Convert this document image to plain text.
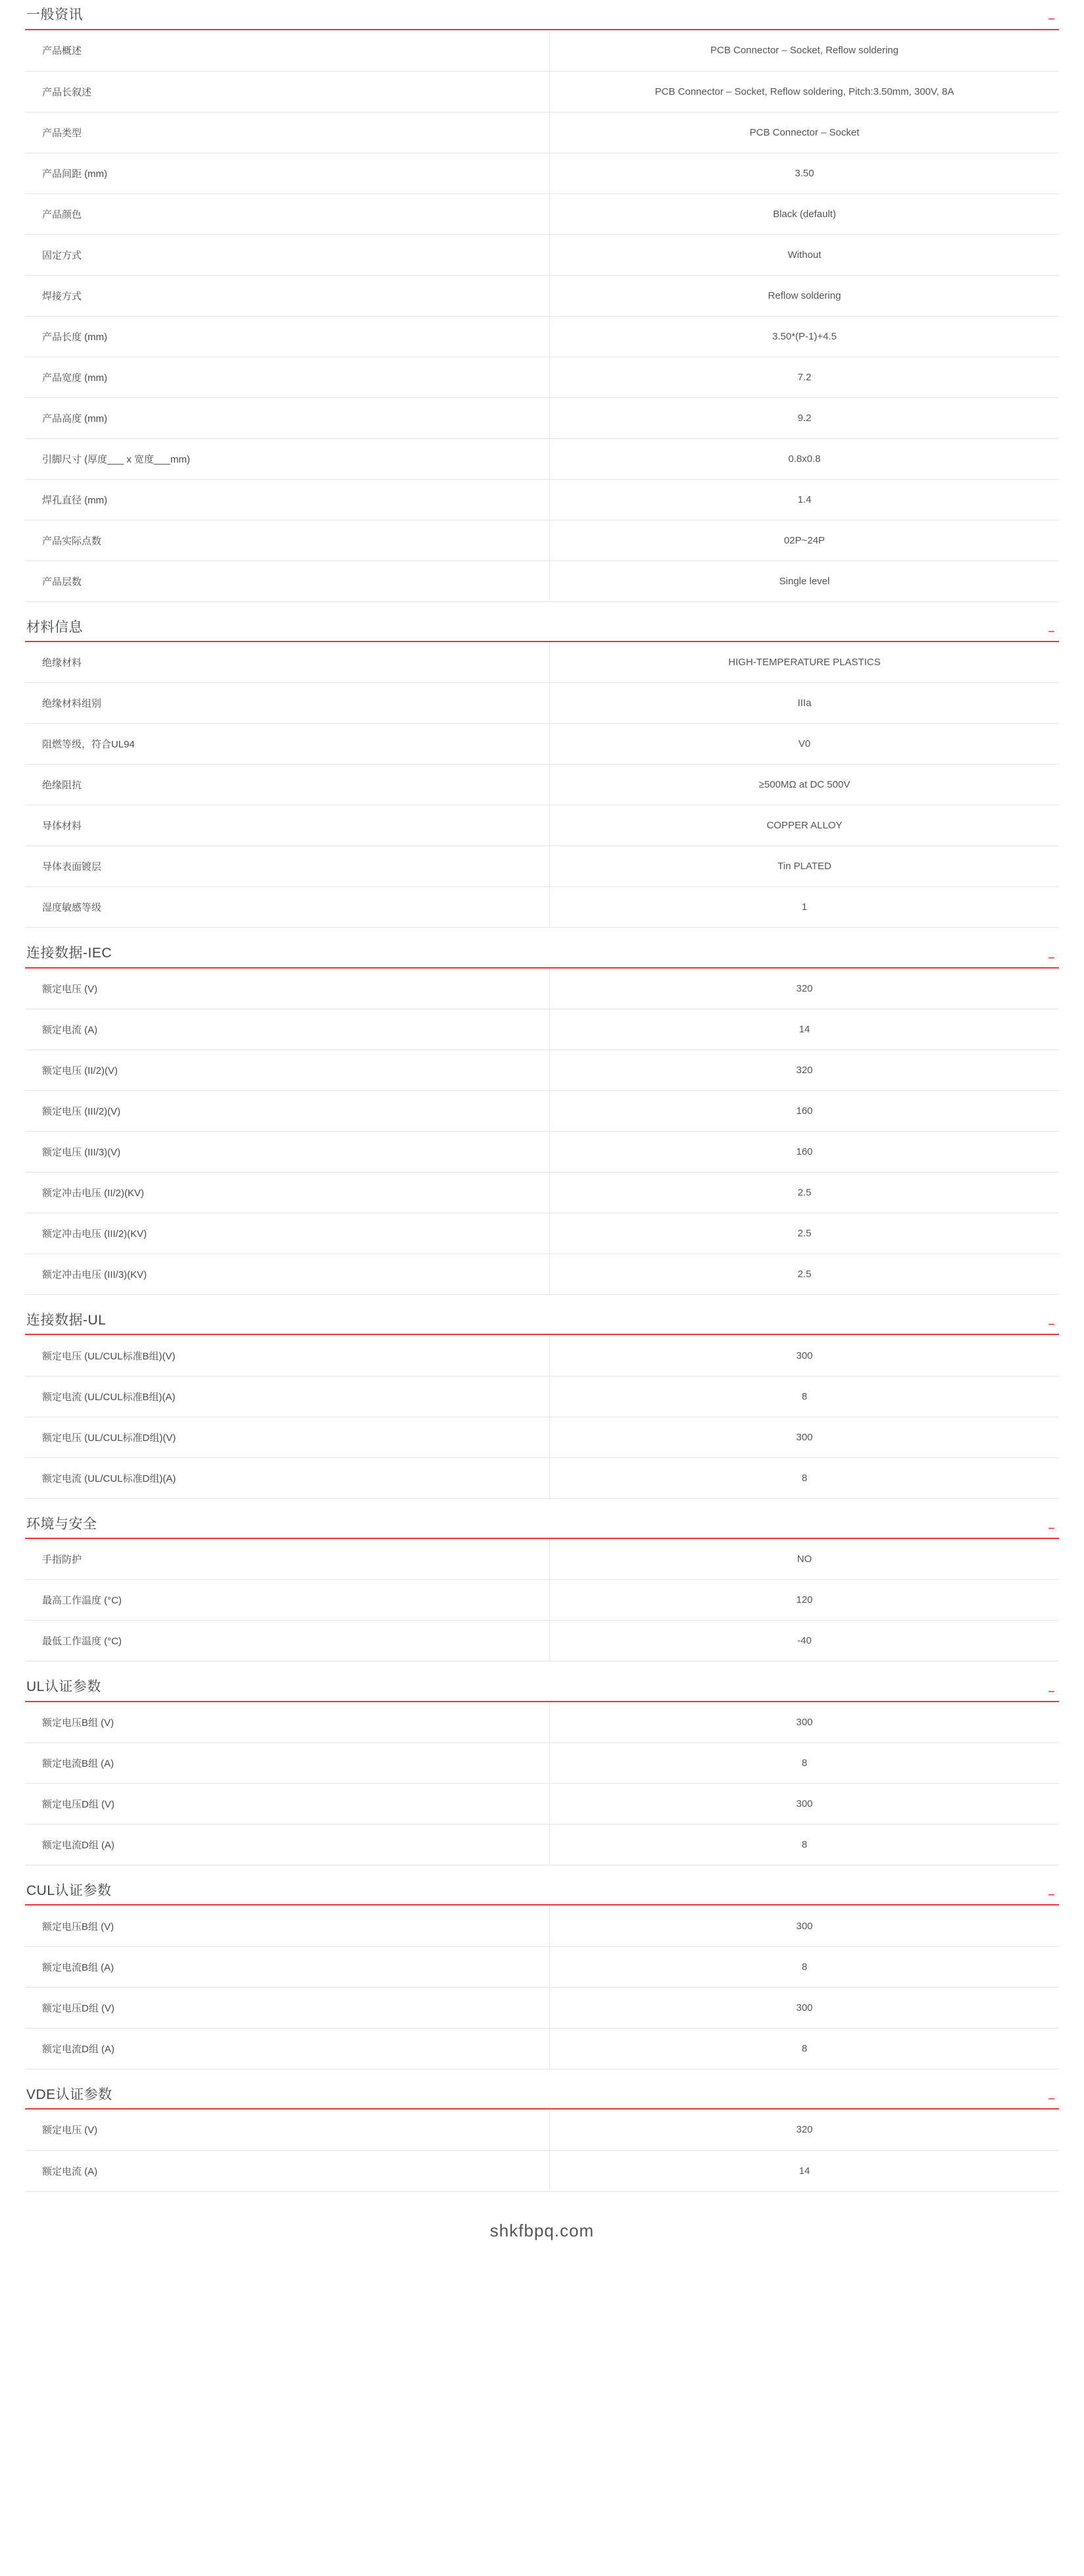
一般资讯	–
产品概述	PCB Connector – Socket, Reflow soldering
产品长叙述	PCB Connector – Socket, Reflow soldering, Pitch:3.50mm, 300V, 8A
产品类型	PCB Connector – Socket
产品间距 (mm)	3.50
产品颜色	Black (default)
固定方式	Without
焊接方式	Reflow soldering
产品长度 (mm)	3.50*(P-1)+4.5
产品宽度 (mm)	7.2
产品高度 (mm)	9.2
引脚尺寸 (厚度___ x 宽度___mm)	0.8x0.8
焊孔直径 (mm)	1.4
产品实际点数	02P~24P
产品层数	Single level
材料信息	–
绝缘材料	HIGH-TEMPERATURE PLASTICS
绝缘材料组别	IIIa
阻燃等级，符合UL94	V0
绝缘阻抗	≥500MΩ at DC 500V
导体材料	COPPER ALLOY
导体表面镀层	Tin PLATED
湿度敏感等级	1
连接数据-IEC	–
额定电压 (V)	320
额定电流 (A)	14
额定电压 (II/2)(V)	320
额定电压 (III/2)(V)	160
额定电压 (III/3)(V)	160
额定冲击电压 (II/2)(KV)	2.5
额定冲击电压 (III/2)(KV)	2.5
额定冲击电压 (III/3)(KV)	2.5
连接数据-UL	–
额定电压 (UL/CUL标准B组)(V)	300
额定电流 (UL/CUL标准B组)(A)	8
额定电压 (UL/CUL标准D组)(V)	300
额定电流 (UL/CUL标准D组)(A)	8
环境与安全	–
手指防护	NO
最高工作温度 (°C)	120
最低工作温度 (°C)	-40
UL认证参数	–
额定电压B组 (V)	300
额定电流B组 (A)	8
额定电压D组 (V)	300
额定电流D组 (A)	8
CUL认证参数	–
额定电压B组 (V)	300
额定电流B组 (A)	8
额定电压D组 (V)	300
额定电流D组 (A)	8
VDE认证参数	–
额定电压 (V)	320
额定电流 (A)	14
shkfbpq.com
